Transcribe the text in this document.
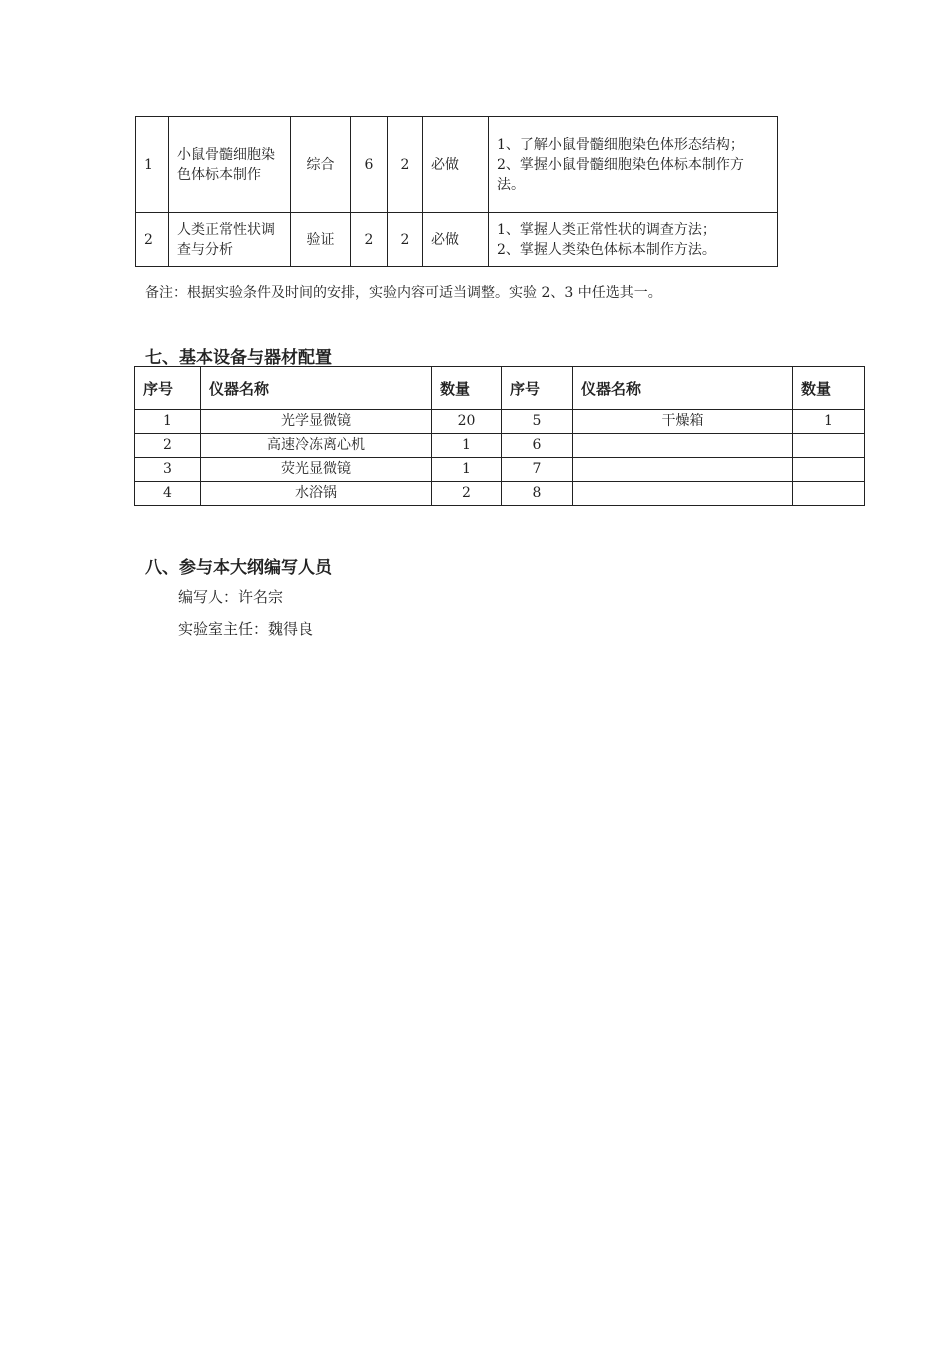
1	小鼠骨髓细胞染色体标本制作	综合	6	2	必做	1、了解小鼠骨髓细胞染色体形态结构；
2、掌握小鼠骨髓细胞染色体标本制作方法。

2	人类正常性状调查与分析	验证	2	2	必做	1、掌握人类正常性状的调查方法；
2、掌握人类染色体标本制作方法。
备注：根据实验条件及时间的安排，实验内容可适当调整。实验 2、3 中任选其一。
七、基本设备与器材配置
序号	仪器名称	数量	序号	仪器名称	数量
1	光学显微镜	20	5	干燥箱	1
2	高速冷冻离心机	1	6		
3	荧光显微镜	1	7		
4	水浴锅	2	8		
八、参与本大纲编写人员
编写人：许名宗
实验室主任：魏得良
